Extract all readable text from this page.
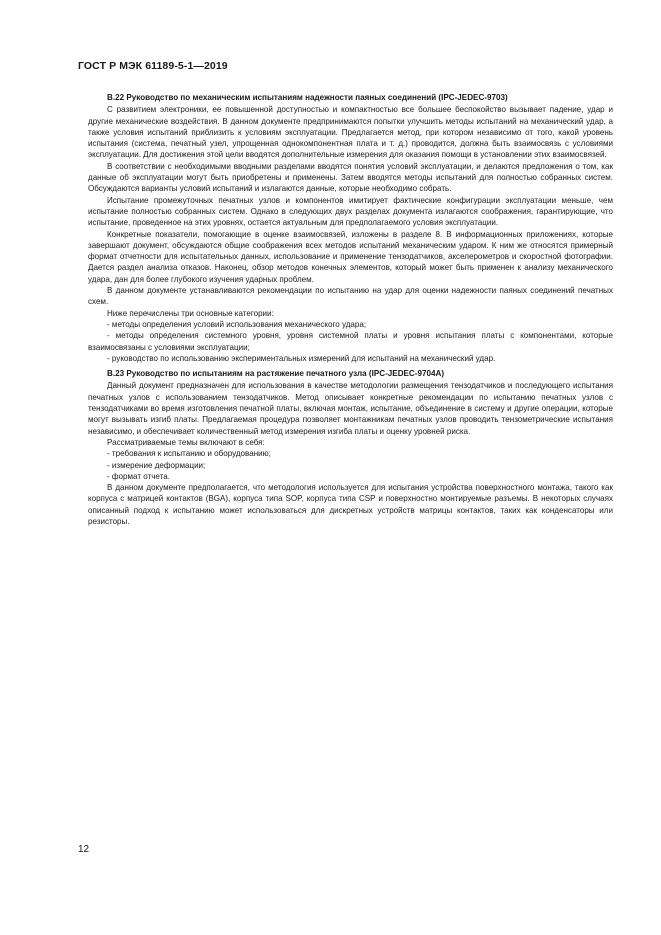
ГОСТ Р МЭК 61189-5-1—2019
B.22 Руководство по механическим испытаниям надежности паяных соединений (IPC-JEDEC-9703)

С развитием электроники, ее повышенной доступностью и компактностью все большее беспокойство вызывает падение, удар и другие механические воздействия. В данном документе предпринимаются попытки улучшить методы испытаний на механический удар, а также условия испытаний приблизить к условиям эксплуатации. Предлагается метод, при котором независимо от того, какой уровень испытания (система, печатный узел, упрощенная однокомпонентная плата и т. д.) проводится, должна быть взаимосвязь с условиями эксплуатации. Для достижения этой цели вводятся дополнительные измерения для оказания помощи в установлении этих взаимосвязей.

В соответствии с необходимыми вводными разделами вводятся понятия условий эксплуатации, и делаются предложения о том, как данные об эксплуатации могут быть приобретены и применены. Затем вводятся методы испытаний для полностью собранных систем. Обсуждаются варианты условий испытаний и излагаются данные, которые необходимо собрать.

Испытание промежуточных печатных узлов и компонентов имитирует фактические конфигурации эксплуатации меньше, чем испытание полностью собранных систем. Однако в следующих двух разделах документа излагаются соображения, гарантирующие, что испытание, проведенное на этих уровнях, остается актуальным для предполагаемого условия эксплуатации.

Конкретные показатели, помогающие в оценке взаимосвязей, изложены в разделе 8. В информационных приложениях, которые завершают документ, обсуждаются общие соображения всех методов испытаний механическим ударом. К ним же относятся примерный формат отчетности для испытательных данных, использование и применение тензодатчиков, акселерометров и скоростной фотографии. Дается раздел анализа отказов. Наконец, обзор методов конечных элементов, который может быть применен к анализу механического удара, дан для более глубокого изучения ударных проблем.

В данном документе устанавливаются рекомендации по испытанию на удар для оценки надежности паяных соединений печатных схем.

Ниже перечислены три основные категории:

- методы определения условий использования механического удара;

- методы определения системного уровня, уровня системной платы и уровня испытания платы с компонентами, которые взаимосвязаны с условиями эксплуатации;

- руководство по использованию экспериментальных измерений для испытаний на механический удар.

B.23 Руководство по испытаниям на растяжение печатного узла (IPC-JEDEC-9704A)

Данный документ предназначен для использования в качестве методологии размещения тензодатчиков и последующего испытания печатных узлов с использованием тензодатчиков. Метод описывает конкретные рекомендации по испытанию печатных узлов с тензодатчиками во время изготовления печатной платы, включая монтаж, испытание, объединение в систему и другие операции, которые могут вызывать изгиб платы. Предлагаемая процедура позволяет монтажникам печатных узлов проводить тензометрические испытания независимо, и обеспечивает количественный метод измерения изгиба платы и оценку уровней риска.

Рассматриваемые темы включают в себя:

- требования к испытанию и оборудованию;

- измерение деформации;

- формат отчета.

В данном документе предполагается, что методология используется для испытания устройства поверхностного монтажа, такого как корпуса с матрицей контактов (BGA), корпуса типа SOP, корпуса типа CSP и поверхностно монтируемые разъемы. В некоторых случаях описанный подход к испытанию может использоваться для дискретных устройств матрицы контактов, таких как конденсаторы или резисторы.

12
